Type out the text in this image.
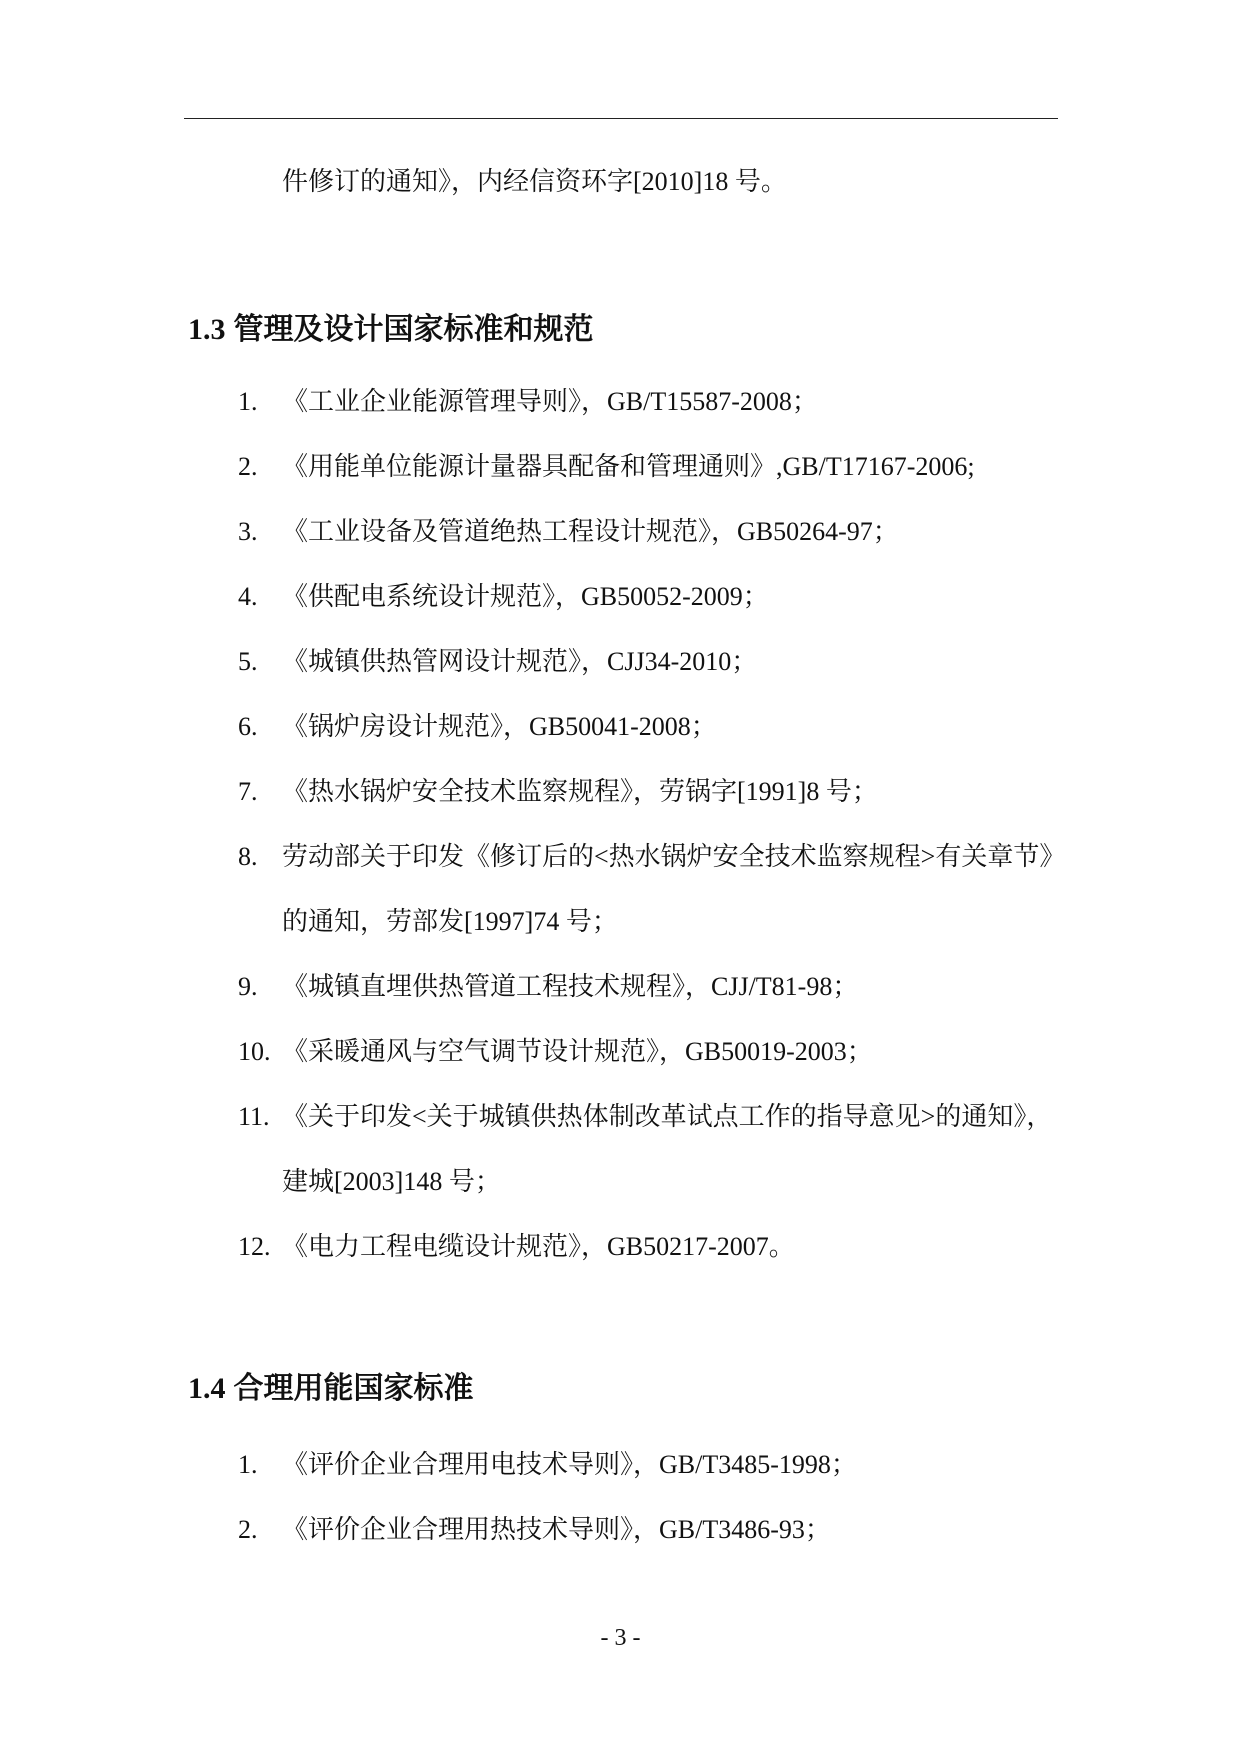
件修订的通知》，内经信资环字[2010]18 号。
1.3 管理及设计国家标准和规范
1. 《工业企业能源管理导则》，GB/T15587-2008；
2. 《用能单位能源计量器具配备和管理通则》,GB/T17167-2006;
3. 《工业设备及管道绝热工程设计规范》，GB50264-97；
4. 《供配电系统设计规范》，GB50052-2009；
5. 《城镇供热管网设计规范》，CJJ34-2010；
6. 《锅炉房设计规范》，GB50041-2008；
7. 《热水锅炉安全技术监察规程》，劳锅字[1991]8 号；
8. 劳动部关于印发《修订后的<热水锅炉安全技术监察规程>有关章节》的通知，劳部发[1997]74 号；
9. 《城镇直埋供热管道工程技术规程》，CJJ/T81-98；
10. 《采暖通风与空气调节设计规范》，GB50019-2003；
11. 《关于印发<关于城镇供热体制改革试点工作的指导意见>的通知》，建城[2003]148 号；
12. 《电力工程电缆设计规范》，GB50217-2007。
1.4 合理用能国家标准
1. 《评价企业合理用电技术导则》，GB/T3485-1998；
2. 《评价企业合理用热技术导则》，GB/T3486-93；
- 3 -
